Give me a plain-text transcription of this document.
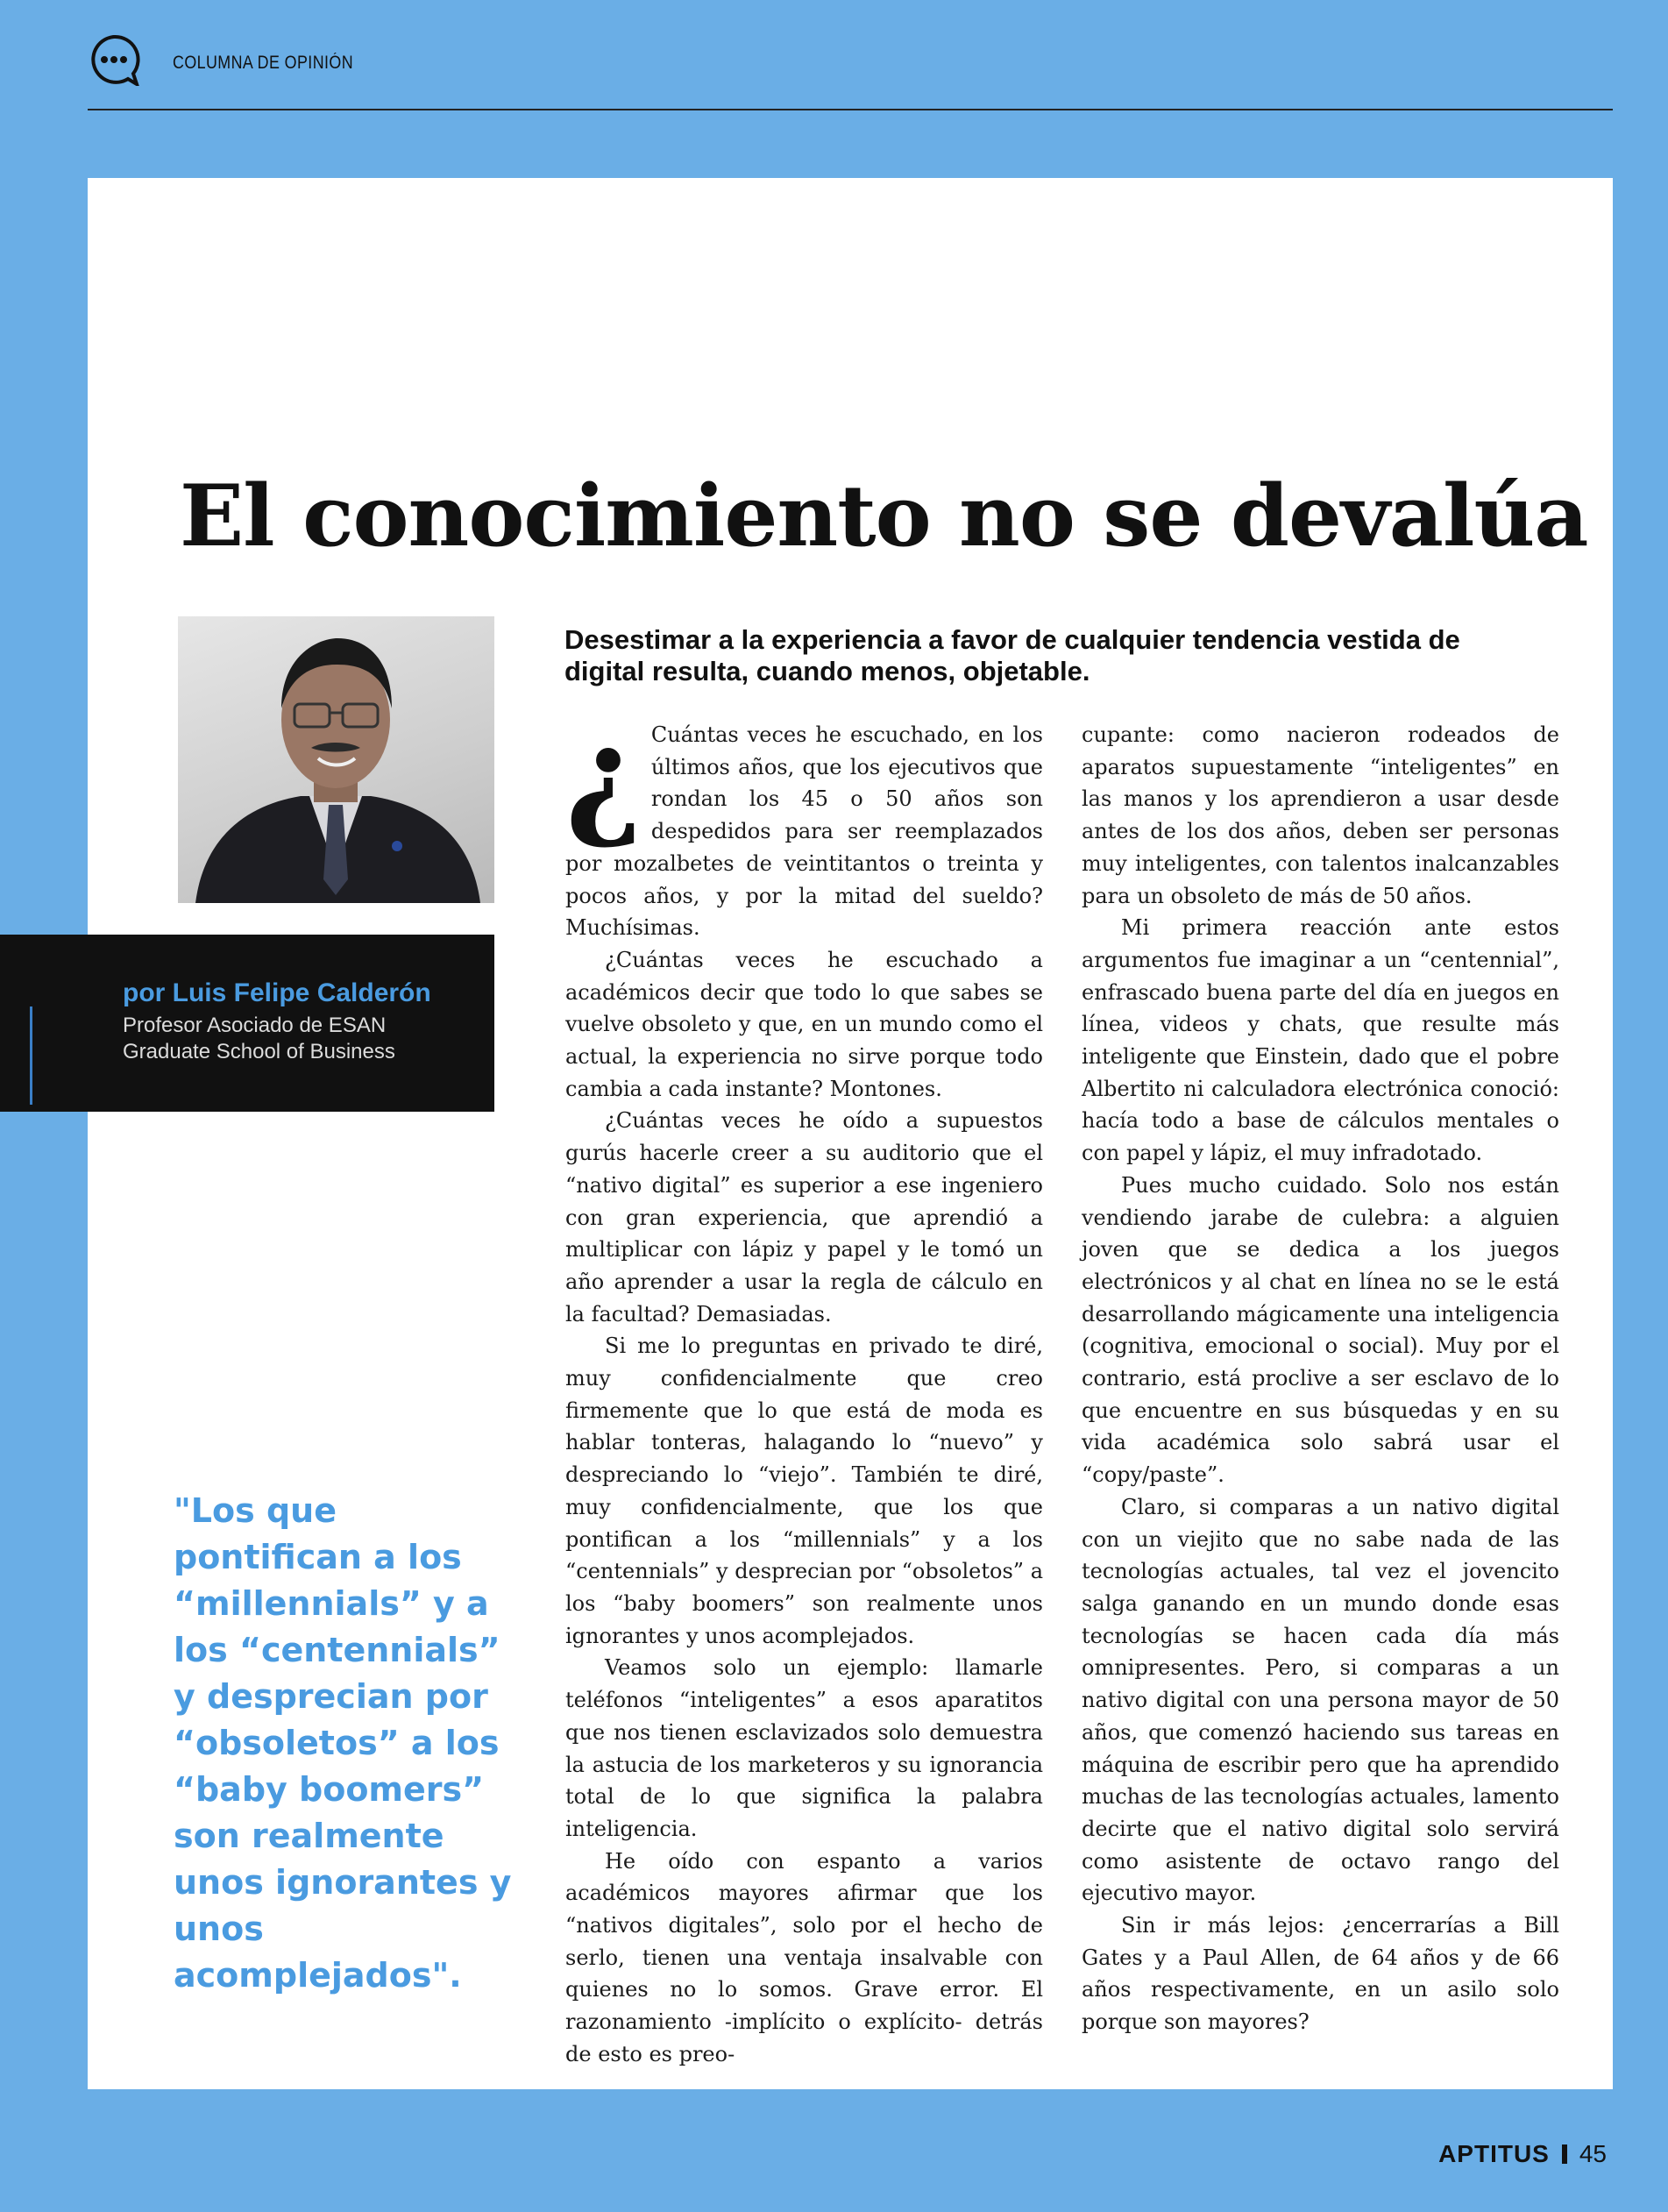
COLUMNA DE OPINIÓN
El conocimiento no se devalúa
por Luis Felipe Calderón
Profesor Asociado de ESAN
Graduate School of Business

Desestimar a la experiencia a favor de cualquier tendencia vestida de digital resulta, cuando menos, objetable.

¿ Cuántas veces he escuchado, en los últimos años, que los ejecutivos que rondan los 45 o 50 años son despedidos para ser reemplazados por mozalbetes de veintitantos o treinta y pocos años, y por la mitad del sueldo? Muchísimas.

¿Cuántas veces he escuchado a académicos decir que todo lo que sabes se vuelve obsoleto y que, en un mundo como el actual, la experiencia no sirve porque todo cambia a cada instante? Montones.

¿Cuántas veces he oído a supuestos gurús hacerle creer a su auditorio que el “nativo digital” es superior a ese ingeniero con gran experiencia, que aprendió a multiplicar con lápiz y papel y le tomó un año aprender a usar la regla de cálculo en la facultad? Demasiadas.

Si me lo preguntas en privado te diré, muy confidencialmente que creo firmemente que lo que está de moda es hablar tonteras, halagando lo “nuevo” y despreciando lo “viejo”. También te diré, muy confidencialmente, que los que pontifican a los “millennials” y a los “centennials” y desprecian por “obsoletos” a los “baby boomers” son realmente unos ignorantes y unos acomplejados.

Veamos solo un ejemplo: llamarle teléfonos “inteligentes” a esos aparatitos que nos tienen esclavizados solo demuestra la astucia de los marketeros y su ignorancia total de lo que significa la palabra inteligencia.

He oído con espanto a varios académicos mayores afirmar que los “nativos digitales”, solo por el hecho de serlo, tienen una ventaja insalvable con quienes no lo somos. Grave error. El razonamiento -implícito o explícito- detrás de esto es preo-

cupante: como nacieron rodeados de aparatos supuestamente “inteligentes” en las manos y los aprendieron a usar desde antes de los dos años, deben ser personas muy inteligentes, con talentos inalcanzables para un obsoleto de más de 50 años.

Mi primera reacción ante estos argumentos fue imaginar a un “centennial”, enfrascado buena parte del día en juegos en línea, videos y chats, que resulte más inteligente que Einstein, dado que el pobre Albertito ni calculadora electrónica conoció: hacía todo a base de cálculos mentales o con papel y lápiz, el muy infradotado.

Pues mucho cuidado. Solo nos están vendiendo jarabe de culebra: a alguien joven que se dedica a los juegos electrónicos y al chat en línea no se le está desarrollando mágicamente una inteligencia (cognitiva, emocional o social). Muy por el contrario, está proclive a ser esclavo de lo que encuentre en sus búsquedas y en su vida académica solo sabrá usar el “copy/paste”.

Claro, si comparas a un nativo digital con un viejito que no sabe nada de las tecnologías actuales, tal vez el jovencito salga ganando en un mundo donde esas tecnologías se hacen cada día más omnipresentes. Pero, si comparas a un nativo digital con una persona mayor de 50 años, que comenzó haciendo sus tareas en máquina de escribir pero que ha aprendido muchas de las tecnologías actuales, lamento decirte que el nativo digital solo servirá como asistente de octavo rango del ejecutivo mayor.

Sin ir más lejos: ¿encerrarías a Bill Gates y a Paul Allen, de 64 años y de 66 años respectivamente, en un asilo solo porque son mayores?

"Los que pontifican a los “millennials” y a los “centennials” y desprecian por “obsoletos” a los “baby boomers” son realmente unos ignorantes y unos acomplejados".

APTITUS 45
